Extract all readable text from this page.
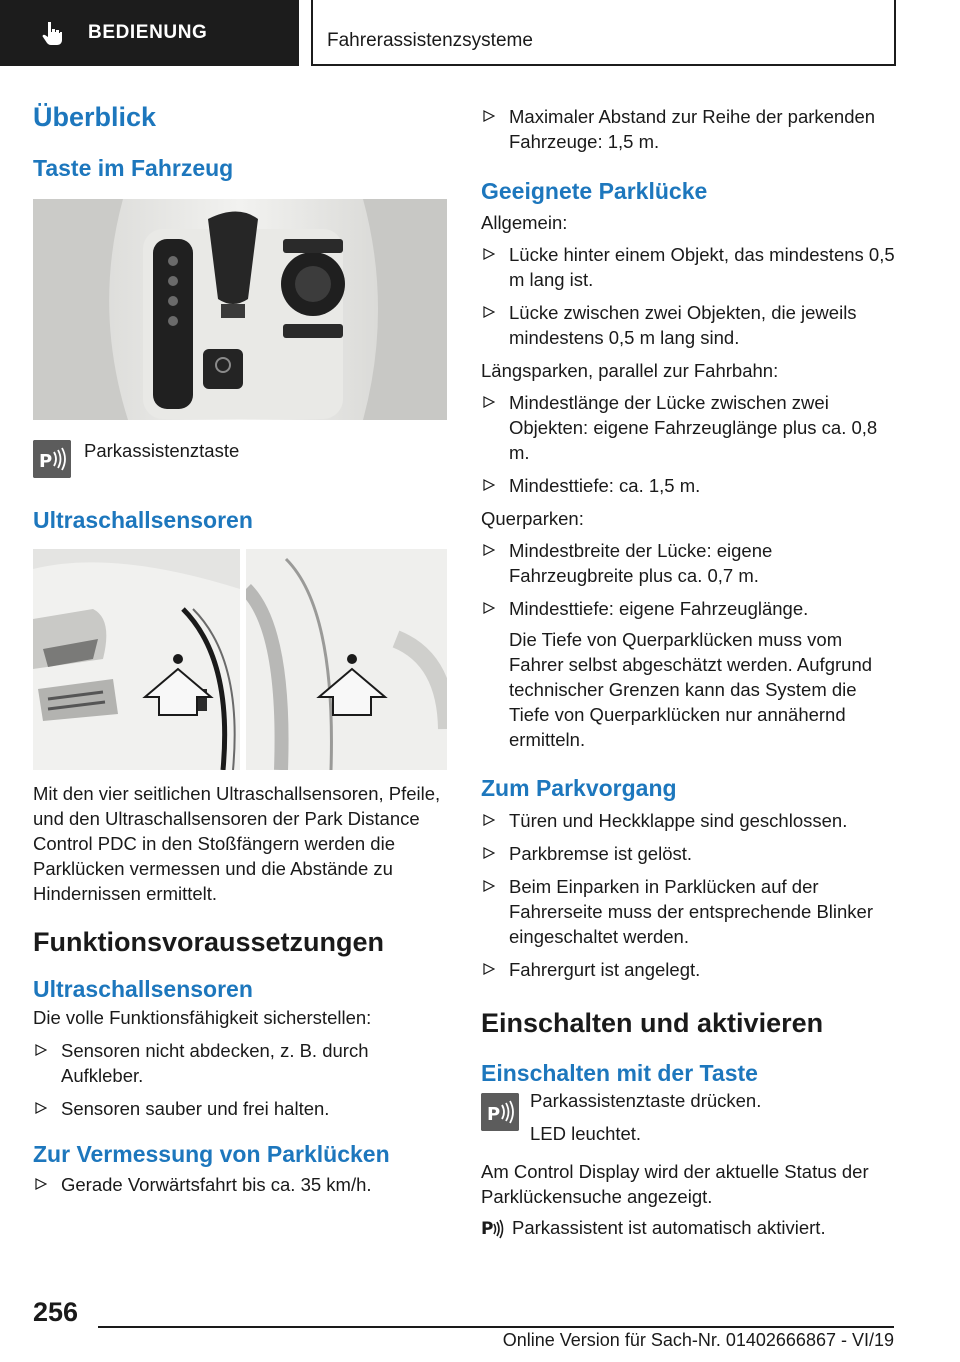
BEDIENUNG	Fahrerassistenzsysteme
Überblick
Taste im Fahrzeug
P
Parkassistenztaste
Ultraschallsensoren

Mit den vier seitlichen Ultraschallsensoren, Pfeile, und den Ultraschallsensoren der Park Distance Control PDC in den Stoßfängern werden die Parklücken vermessen und die Abstände zu Hindernissen ermittelt.

Funktionsvoraussetzungen
Ultraschallsensoren

Die volle Funktionsfähigkeit sicherstellen:

Sensoren nicht abdecken, z. B. durch Aufkleber.
Sensoren sauber und frei halten.
Zur Vermessung von Parklücken
Gerade Vorwärtsfahrt bis ca. 35 km/h.
Maximaler Abstand zur Reihe der parkenden Fahrzeuge: 1,5 m.
Geeignete Parklücke

Allgemein:

Lücke hinter einem Objekt, das mindestens 0,5 m lang ist.
Lücke zwischen zwei Objekten, die jeweils mindestens 0,5 m lang sind.

Längsparken, parallel zur Fahrbahn:

Mindestlänge der Lücke zwischen zwei Objekten: eigene Fahrzeuglänge plus ca. 0,8 m.
Mindesttiefe: ca. 1,5 m.

Querparken:

Mindestbreite der Lücke: eigene Fahrzeugbreite plus ca. 0,7 m.
Mindesttiefe: eigene Fahrzeuglänge.
Die Tiefe von Querparklücken muss vom Fahrer selbst abgeschätzt werden. Aufgrund technischer Grenzen kann das System die Tiefe von Querparklücken nur annähernd ermitteln.
Zum Parkvorgang
Türen und Heckklappe sind geschlossen.
Parkbremse ist gelöst.
Beim Einparken in Parklücken auf der Fahrerseite muss der entsprechende Blinker eingeschaltet werden.
Fahrergurt ist angelegt.
Einschalten und aktivieren
Einschalten mit der Taste
P

Parkassistenztaste drücken.

LED leuchtet.

Am Control Display wird der aktuelle Status der Parklückensuche angezeigt.

P Parkassistent ist automatisch aktiviert.
256
Online Version für Sach-Nr. 01402666867 - VI/19
